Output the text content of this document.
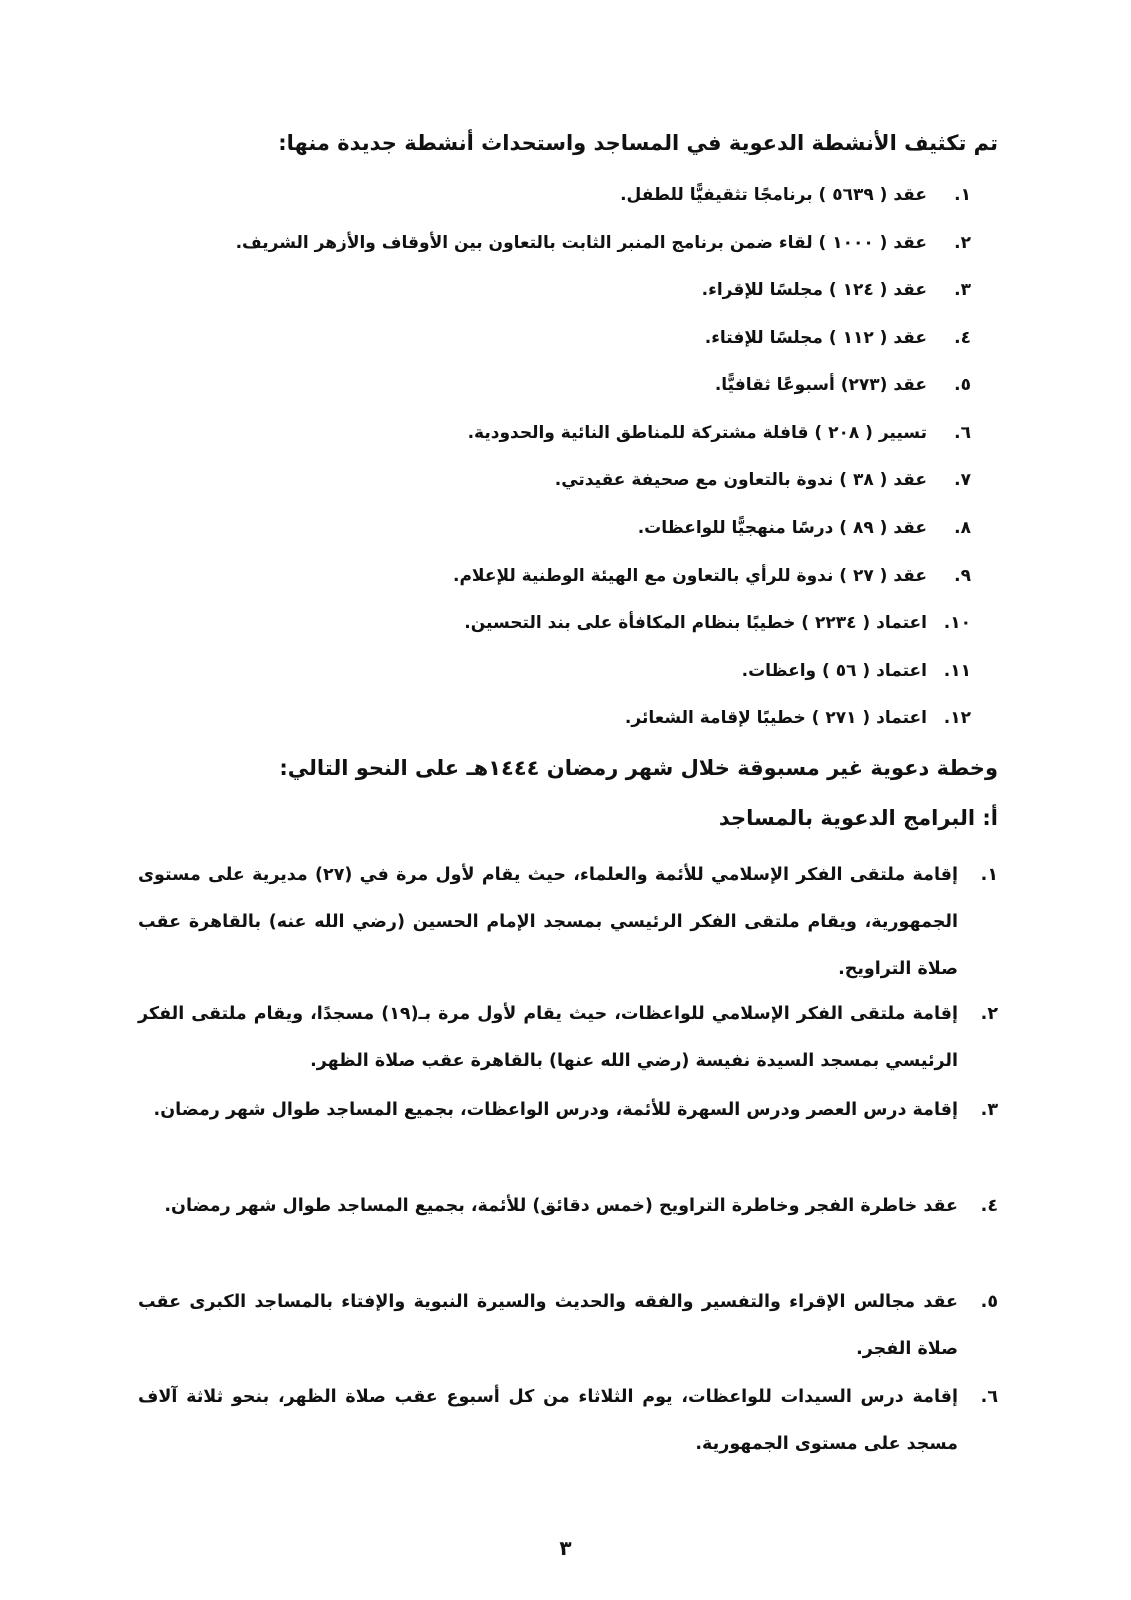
تم تكثيف الأنشطة الدعوية في المساجد واستحداث أنشطة جديدة منها:
١.
عقد ( ٥٦٣٩ ) برنامجًا تثقيفيًّا للطفل.
٢.
عقد ( ١٠٠٠ ) لقاء ضمن برنامج المنبر الثابت بالتعاون بين الأوقاف والأزهر الشريف.
٣.
عقد ( ١٢٤ ) مجلسًا للإقراء.
٤.
عقد ( ١١٢ ) مجلسًا للإفتاء.
٥.
عقد (٢٧٣) أسبوعًا ثقافيًّا.
٦.
تسيير ( ٢٠٨ ) قافلة مشتركة للمناطق النائية والحدودية.
٧.
عقد ( ٣٨ ) ندوة بالتعاون مع صحيفة عقيدتي.
٨.
عقد ( ٨٩ ) درسًا منهجيًّا للواعظات.
٩.
عقد ( ٢٧ ) ندوة للرأي بالتعاون مع الهيئة الوطنية للإعلام.
١٠.
اعتماد ( ٢٢٣٤ ) خطيبًا بنظام المكافأة على بند التحسين.
١١.
اعتماد ( ٥٦ ) واعظات.
١٢.
اعتماد ( ٢٧١ ) خطيبًا لإقامة الشعائر.
وخطة دعوية غير مسبوقة خلال شهر رمضان ١٤٤٤هـ على النحو التالي:
أ: البرامج الدعوية بالمساجد
١.
إقامة ملتقى الفكر الإسلامي للأئمة والعلماء، حيث يقام لأول مرة في (٢٧) مديرية على مستوى الجمهورية، ويقام ملتقى الفكر الرئيسي بمسجد الإمام الحسين (رضي الله عنه) بالقاهرة عقب صلاة التراويح.
٢.
إقامة ملتقى الفكر الإسلامي للواعظات، حيث يقام لأول مرة بـ(١٩) مسجدًا، ويقام ملتقى الفكر الرئيسي بمسجد السيدة نفيسة (رضي الله عنها) بالقاهرة عقب صلاة الظهر.
٣.
إقامة درس العصر ودرس السهرة للأئمة، ودرس الواعظات، بجميع المساجد طوال شهر رمضان.
٤.
عقد خاطرة الفجر وخاطرة التراويح (خمس دقائق) للأئمة، بجميع المساجد طوال شهر رمضان.
٥.
عقد مجالس الإقراء والتفسير والفقه والحديث والسيرة النبوية والإفتاء بالمساجد الكبرى عقب صلاة الفجر.
٦.
إقامة درس السيدات للواعظات، يوم الثلاثاء من كل أسبوع عقب صلاة الظهر، بنحو ثلاثة آلاف مسجد على مستوى الجمهورية.
٣
